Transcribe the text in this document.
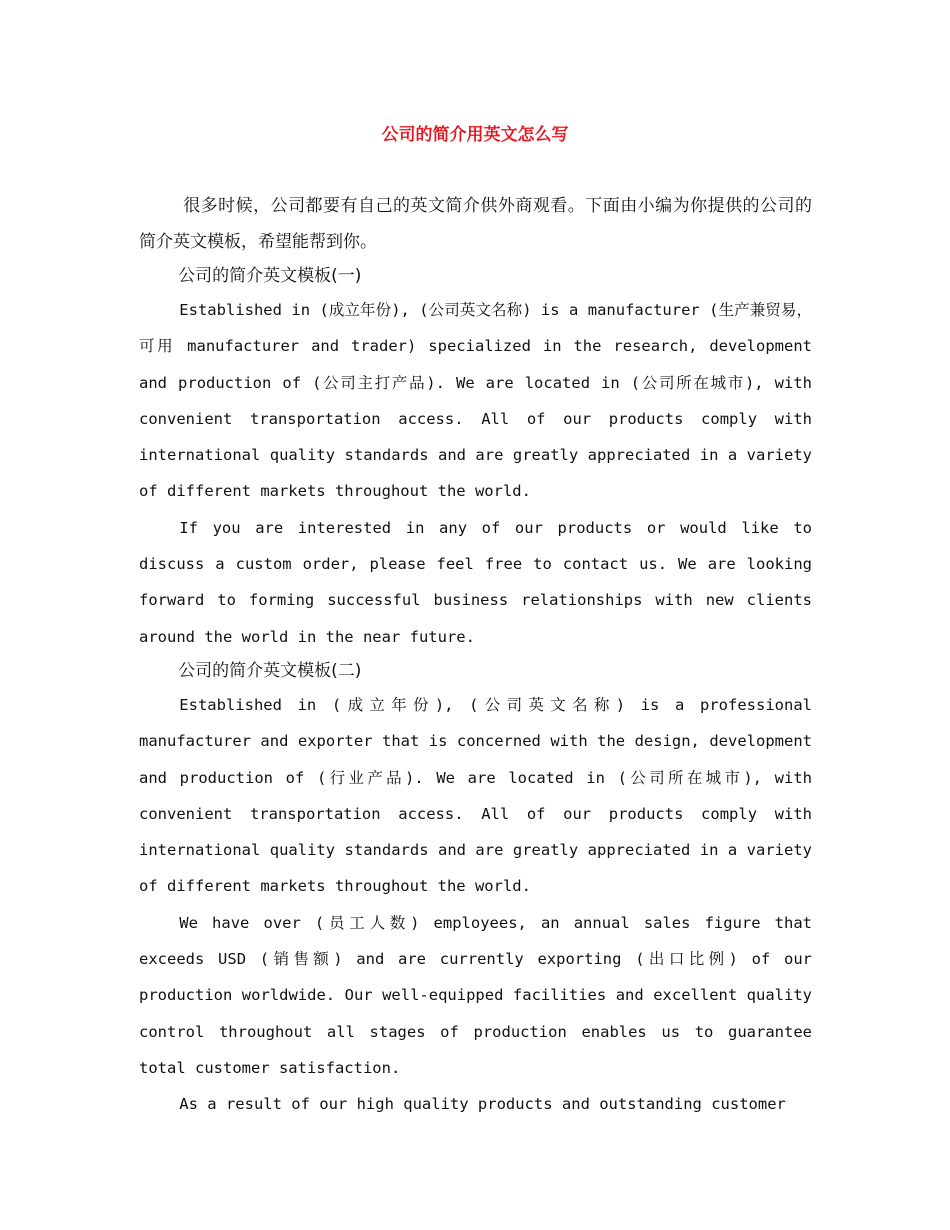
公司的简介用英文怎么写

很多时候，公司都要有自己的英文简介供外商观看。下面由小编为你提供的公司的简介英文模板，希望能帮到你。

公司的简介英文模板(一)

Established in (成立年份), (公司英文名称) is a manufacturer (生产兼贸易，可用 manufacturer and trader) specialized in the research, development and production of (公司主打产品). We are located in (公司所在城市), with convenient transportation access. All of our products comply with international quality standards and are greatly appreciated in a variety of different markets throughout the world.

If you are interested in any of our products or would like to discuss a custom order, please feel free to contact us. We are looking forward to forming successful business relationships with new clients around the world in the near future.

公司的简介英文模板(二)

Established in (成立年份), (公司英文名称) is a professional manufacturer and exporter that is concerned with the design, development and production of (行业产品). We are located in (公司所在城市), with convenient transportation access. All of our products comply with international quality standards and are greatly appreciated in a variety of different markets throughout the world.

We have over (员工人数) employees, an annual sales figure that exceeds USD (销售额) and are currently exporting (出口比例) of our production worldwide. Our well-equipped facilities and excellent quality control throughout all stages of production enables us to guarantee total customer satisfaction.

As a result of our high quality products and outstanding customer
